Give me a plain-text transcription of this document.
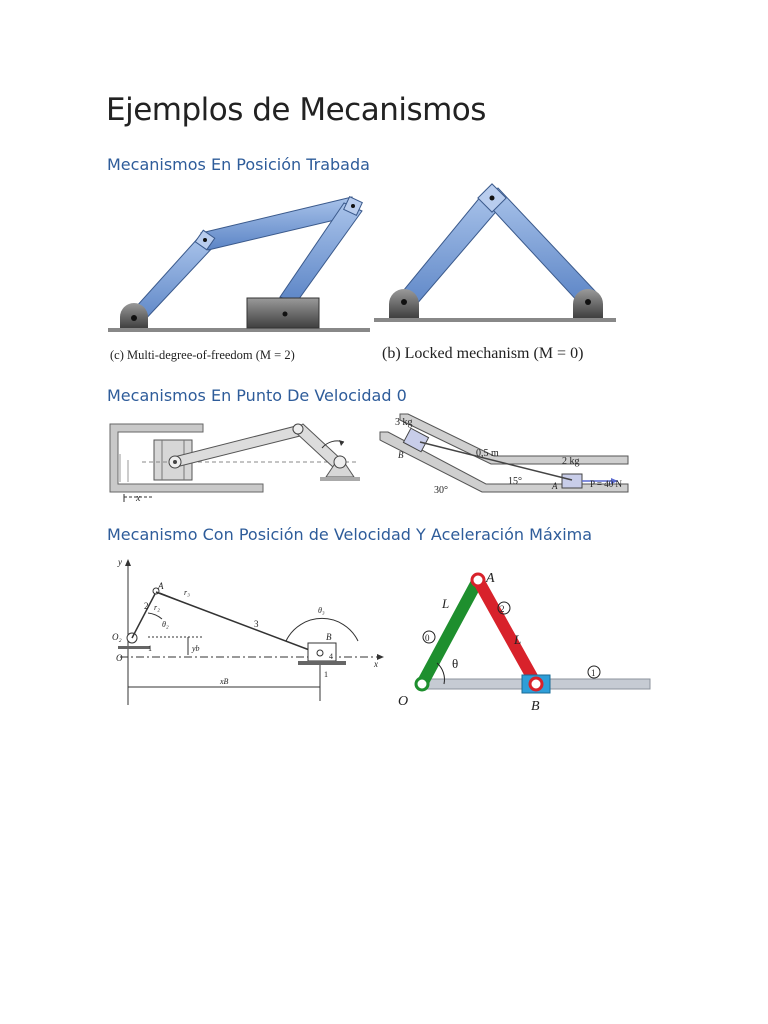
Ejemplos de Mecanismos
Mecanismos En Posición Trabada
Mecanismos En Punto De Velocidad 0
Mecanismo Con Posición de Velocidad Y Aceleración Máxima
(c) Multi-degree-of-freedom (M = 2)	(b) Locked mechanism (M = 0)
x
3 kg
0,5 m
2 kg
15°
30°	A
B
P = 40 N
y
x
A
B
O₂
O
r₂
r₃
θ₂
θ₃
2
3
1
1
4
yb
xB
A
B
O
θ
0
2
1
L
L
